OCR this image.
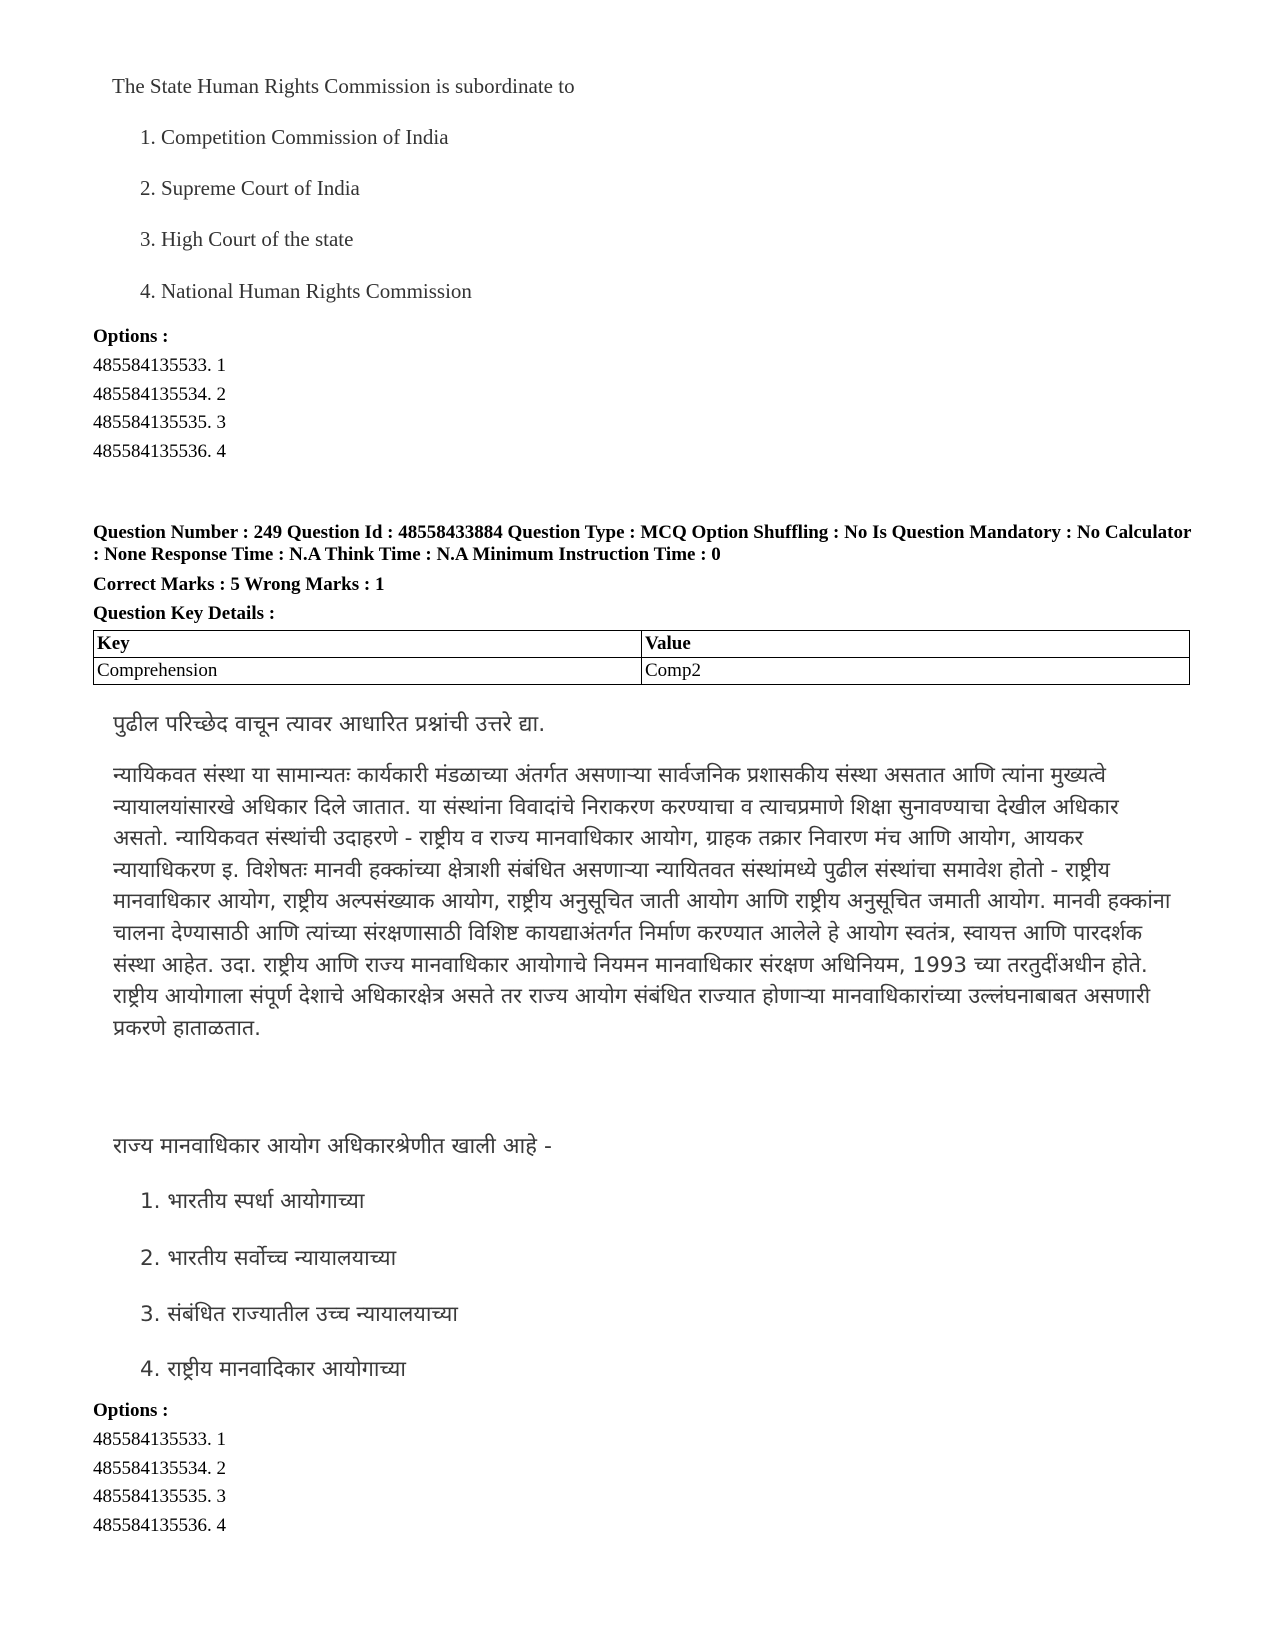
The State Human Rights Commission is subordinate to
1. Competition Commission of India
2. Supreme Court of India
3. High Court of the state
4. National Human Rights Commission
Options :
485584135533. 1
485584135534. 2
485584135535. 3
485584135536. 4
Question Number : 249 Question Id : 48558433884 Question Type : MCQ Option Shuffling : No Is Question Mandatory : No Calculator : None Response Time : N.A Think Time : N.A Minimum Instruction Time : 0
Correct Marks : 5 Wrong Marks : 1
Question Key Details :
Key	Value
Comprehension	Comp2
पुढील परिच्छेद वाचून त्यावर आधारित प्रश्नांची उत्तरे द्या.
न्यायिकवत संस्था या सामान्यतः कार्यकारी मंडळाच्या अंतर्गत असणाऱ्या सार्वजनिक प्रशासकीय संस्था असतात आणि त्यांना मुख्यत्वे न्यायालयांसारखे अधिकार दिले जातात. या संस्थांना विवादांचे निराकरण करण्याचा व त्याचप्रमाणे शिक्षा सुनावण्याचा देखील अधिकार असतो. न्यायिकवत संस्थांची उदाहरणे - राष्ट्रीय व राज्य मानवाधिकार आयोग, ग्राहक तक्रार निवारण मंच आणि आयोग, आयकर न्यायाधिकरण इ. विशेषतः मानवी हक्कांच्या क्षेत्राशी संबंधित असणाऱ्या न्यायितवत संस्थांमध्ये पुढील संस्थांचा समावेश होतो - राष्ट्रीय मानवाधिकार आयोग, राष्ट्रीय अल्पसंख्याक आयोग, राष्ट्रीय अनुसूचित जाती आयोग आणि राष्ट्रीय अनुसूचित जमाती आयोग. मानवी हक्कांना चालना देण्यासाठी आणि त्यांच्या संरक्षणासाठी विशिष्ट कायद्याअंतर्गत निर्माण करण्यात आलेले हे आयोग स्वतंत्र, स्वायत्त आणि पारदर्शक संस्था आहेत. उदा. राष्ट्रीय आणि राज्य मानवाधिकार आयोगाचे नियमन मानवाधिकार संरक्षण अधिनियम, 1993 च्या तरतुदींअधीन होते. राष्ट्रीय आयोगाला संपूर्ण देशाचे अधिकारक्षेत्र असते तर राज्य आयोग संबंधित राज्यात होणाऱ्या मानवाधिकारांच्या उल्लंघनाबाबत असणारी प्रकरणे हाताळतात.
राज्य मानवाधिकार आयोग अधिकारश्रेणीत खाली आहे -
1. भारतीय स्पर्धा आयोगाच्या
2. भारतीय सर्वोच्च न्यायालयाच्या
3. संबंधित राज्यातील उच्च न्यायालयाच्या
4. राष्ट्रीय मानवादिकार आयोगाच्या
Options :
485584135533. 1
485584135534. 2
485584135535. 3
485584135536. 4
